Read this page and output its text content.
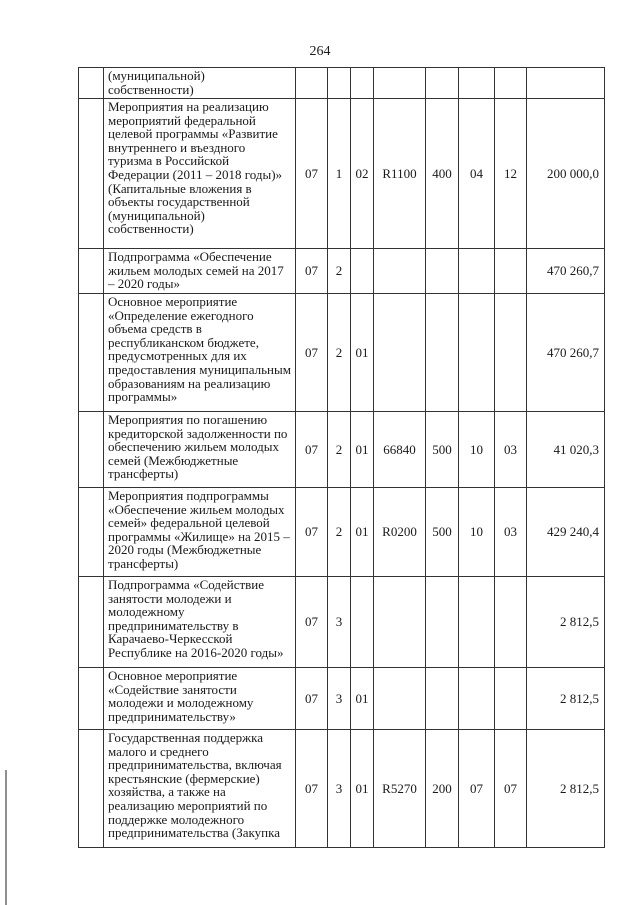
264
	(муниципальной) собственности)								
	Мероприятия на реализацию мероприятий федеральной целевой программы «Развитие внутреннего и въездного туризма в Российской Федерации (2011 – 2018 годы)» (Капитальные вложения в объекты государственной (муниципальной) собственности)	07	1	02	R1100	400	04	12	200 000,0
	Подпрограмма «Обеспечение жильем молодых семей на 2017 – 2020 годы»	07	2						470 260,7
	Основное мероприятие «Определение ежегодного объема средств в республиканском бюджете, предусмотренных для их предоставления муниципальным образованиям на реализацию программы»	07	2	01					470 260,7
	Мероприятия по погашению кредиторской задолженности по обеспечению жильем молодых семей (Межбюджетные трансферты)	07	2	01	66840	500	10	03	41 020,3
	Мероприятия подпрограммы «Обеспечение жильем молодых семей» федеральной целевой программы «Жилище» на 2015 – 2020 годы (Межбюджетные трансферты)	07	2	01	R0200	500	10	03	429 240,4
	Подпрограмма «Содействие занятости молодежи и молодежному предпринимательству в Карачаево-Черкесской Республике на 2016-2020 годы»	07	3						2 812,5
	Основное мероприятие «Содействие занятости молодежи и молодежному предпринимательству»	07	3	01					2 812,5

	Государственная поддержка малого и среднего предпринимательства, включая крестьянские (фермерские) хозяйства, а также на реализацию мероприятий по поддержке молодежного предпринимательства (Закупка	07	3	01	R5270	200	07	07	2 812,5
